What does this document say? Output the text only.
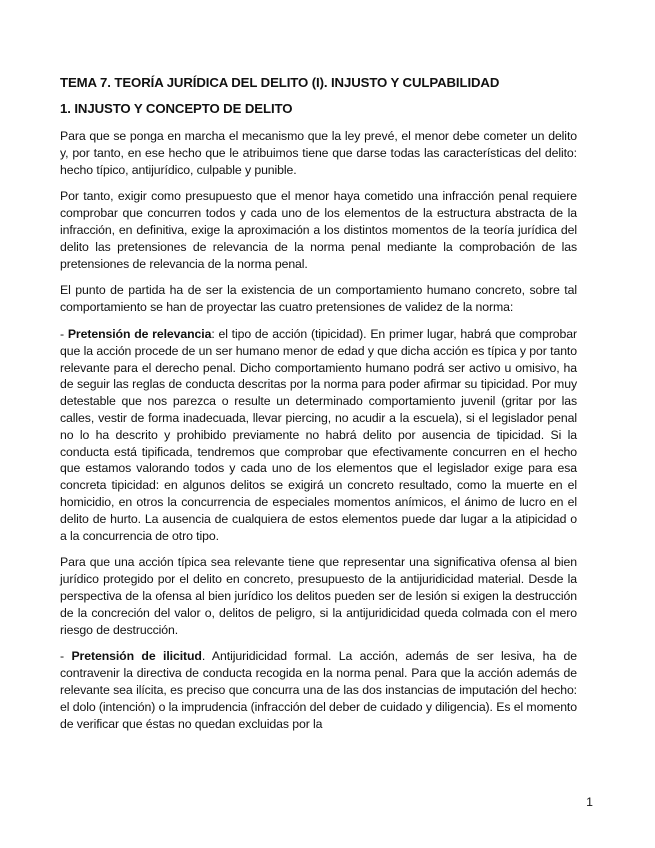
TEMA 7. TEORÍA JURÍDICA DEL DELITO (I). INJUSTO Y CULPABILIDAD
1. INJUSTO Y CONCEPTO DE DELITO

Para que se ponga en marcha el mecanismo que la ley prevé, el menor debe cometer un delito y, por tanto, en ese hecho que le atribuimos tiene que darse todas las características del delito: hecho típico, antijurídico, culpable y punible.

Por tanto, exigir como presupuesto que el menor haya cometido una infracción penal requiere comprobar que concurren todos y cada uno de los elementos de la estructura abstracta de la infracción, en definitiva, exige la aproximación a los distintos momentos de la teoría jurídica del delito las pretensiones de relevancia de la norma penal mediante la comprobación de las pretensiones de relevancia de la norma penal.

El punto de partida ha de ser la existencia de un comportamiento humano concreto, sobre tal comportamiento se han de proyectar las cuatro pretensiones de validez de la norma:

- Pretensión de relevancia: el tipo de acción (tipicidad). En primer lugar, habrá que comprobar que la acción procede de un ser humano menor de edad y que dicha acción es típica y por tanto relevante para el derecho penal. Dicho comportamiento humano podrá ser activo u omisivo, ha de seguir las reglas de conducta descritas por la norma para poder afirmar su tipicidad. Por muy detestable que nos parezca o resulte un determinado comportamiento juvenil (gritar por las calles, vestir de forma inadecuada, llevar piercing, no acudir a la escuela), si el legislador penal no lo ha descrito y prohibido previamente no habrá delito por ausencia de tipicidad. Si la conducta está tipificada, tendremos que comprobar que efectivamente concurren en el hecho que estamos valorando todos y cada uno de los elementos que el legislador exige para esa concreta tipicidad: en algunos delitos se exigirá un concreto resultado, como la muerte en el homicidio, en otros la concurrencia de especiales momentos anímicos, el ánimo de lucro en el delito de hurto. La ausencia de cualquiera de estos elementos puede dar lugar a la atipicidad o a la concurrencia de otro tipo.

Para que una acción típica sea relevante tiene que representar una significativa ofensa al bien jurídico protegido por el delito en concreto, presupuesto de la antijuridicidad material. Desde la perspectiva de la ofensa al bien jurídico los delitos pueden ser de lesión si exigen la destrucción de la concreción del valor o, delitos de peligro, si la antijuridicidad queda colmada con el mero riesgo de destrucción.

- Pretensión de ilicitud. Antijuridicidad formal. La acción, además de ser lesiva, ha de contravenir la directiva de conducta recogida en la norma penal. Para que la acción además de relevante sea ilícita, es preciso que concurra una de las dos instancias de imputación del hecho: el dolo (intención) o la imprudencia (infracción del deber de cuidado y diligencia). Es el momento de verificar que éstas no quedan excluidas por la

1
